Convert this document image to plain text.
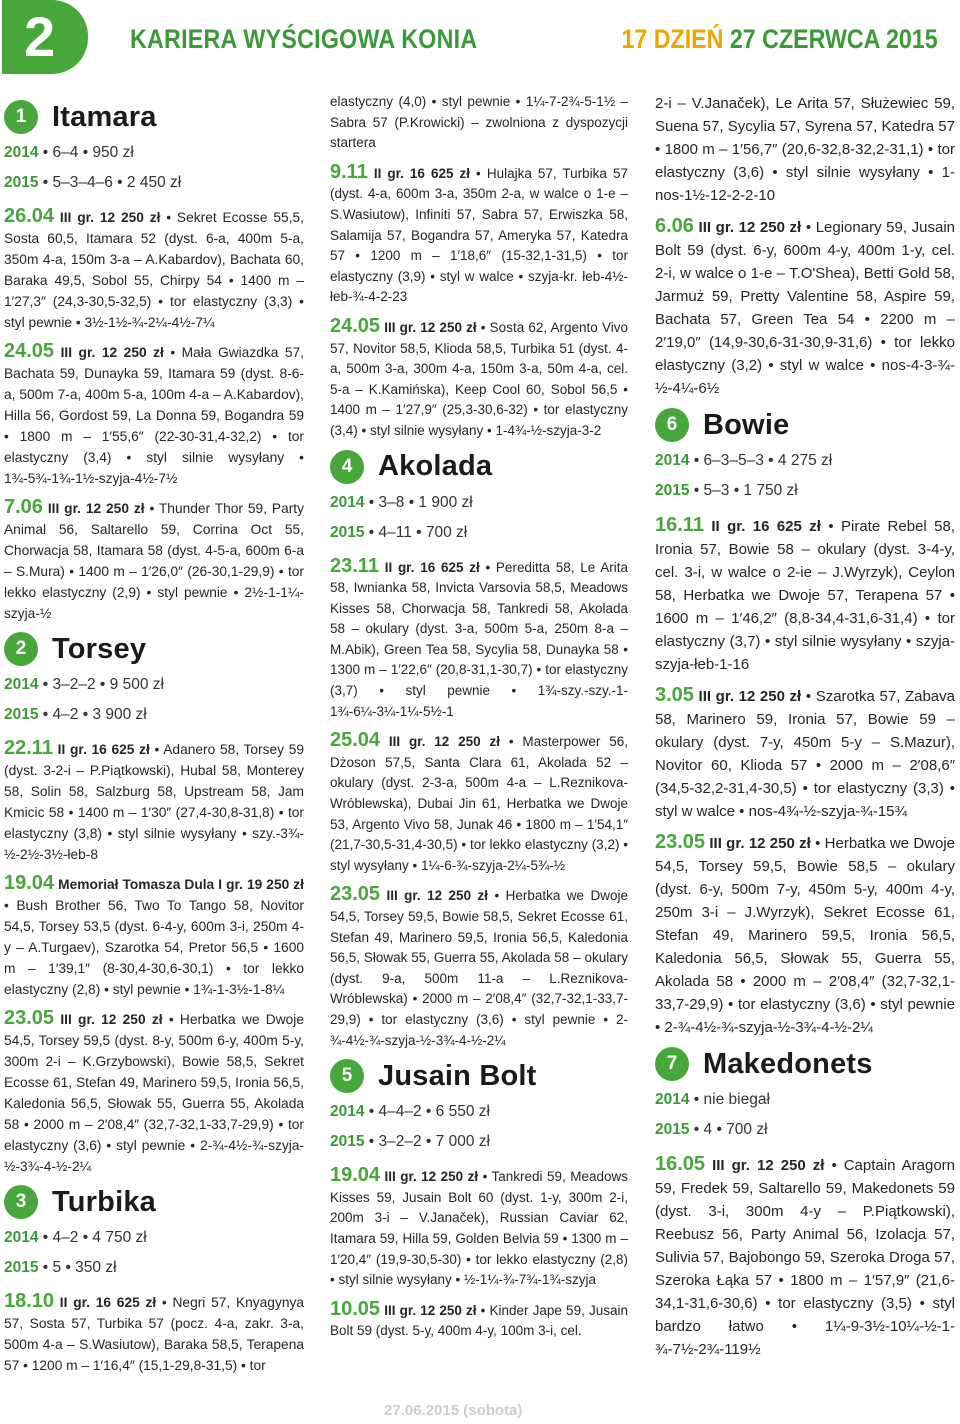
2	KARIERA WYŚCIGOWA KONIA	17 DZIEŃ 27 CZERWCA 2015
1 Itamara
2014 • 6–4 • 950 zł
2015 • 5–3–4–6 • 2 450 zł
26.04 III gr. 12 250 zł • Sekret Ecosse 55,5, Sosta 60,5, Itamara 52 (dyst. 6-a, 400m 5-a, 350m 4-a, 150m 3-a – A.Kabardov), Bachata 60, Baraka 49,5, Sobol 55, Chirpy 54 • 1400 m – 1′27,3″ (24,3-30,5-32,5) • tor elastyczny (3,3) • styl pewnie • 3½-1½-¾-2¼-4½-7¼
24.05 III gr. 12 250 zł • Mała Gwiazdka 57, Bachata 59, Dunayka 59, Itamara 59 (dyst. 8-6-a, 500m 7-a, 400m 5-a, 100m 4-a – A.Kabardov), Hilla 56, Gordost 59, La Donna 59, Bogandra 59 • 1800 m – 1′55,6″ (22-30-31,4-32,2) • tor elastyczny (3,4) • styl silnie wysyłany • 1¾-5¾-1¾-1½-szyja-4½-7½
7.06 III gr. 12 250 zł • Thunder Thor 59, Party Animal 56, Saltarello 59, Corrina Oct 55, Chorwacja 58, Itamara 58 (dyst. 4-5-a, 600m 6-a – S.Mura) • 1400 m – 1′26,0″ (26-30,1-29,9) • tor lekko elastyczny (2,9) • styl pewnie • 2½-1-1¼-szyja-½
2 Torsey
2014 • 3–2–2 • 9 500 zł
2015 • 4–2 • 3 900 zł
22.11 II gr. 16 625 zł • Adanero 58, Torsey 59 (dyst. 3-2-i – P.Piątkowski), Hubal 58, Monterey 58, Solin 58, Salzburg 58, Upstream 58, Jam Kmicic 58 • 1400 m – 1′30″ (27,4-30,8-31,8) • tor elastyczny (3,8) • styl silnie wysyłany • szy.-3¾-½-2½-3½-łeb-8
19.04 Memoriał Tomasza Dula I gr. 19 250 zł • Bush Brother 56, Two To Tango 58, Novitor 54,5, Torsey 53,5 (dyst. 6-4-y, 600m 3-i, 250m 4-y – A.Turgaev), Szarotka 54, Pretor 56,5 • 1600 m – 1′39,1″ (8-30,4-30,6-30,1) • tor lekko elastyczny (2,8) • styl pewnie • 1¾-1-3½-1-8¼
23.05 III gr. 12 250 zł • Herbatka we Dwoje 54,5, Torsey 59,5 (dyst. 8-y, 500m 6-y, 400m 5-y, 300m 2-i – K.Grzybowski), Bowie 58,5, Sekret Ecosse 61, Stefan 49, Marinero 59,5, Ironia 56,5, Kaledonia 56,5, Słowak 55, Guerra 55, Akolada 58 • 2000 m – 2′08,4″ (32,7-32,1-33,7-29,9) • tor elastyczny (3,6) • styl pewnie • 2-¾-4½-¾-szyja-½-3¾-4-½-2¼
3 Turbika
2014 • 4–2 • 4 750 zł
2015 • 5 • 350 zł
18.10 II gr. 16 625 zł • Negri 57, Knyagynya 57, Sosta 57, Turbika 57 (pocz. 4-a, zakr. 3-a, 500m 4-a – S.Wasiutow), Baraka 58,5, Terapena 57 • 1200 m – 1′16,4″ (15,1-29,8-31,5) • tor
elastyczny (4,0) • styl pewnie • 1¼-7-2¾-5-1½ – Sabra 57 (P.Krowicki) – zwolniona z dyspozycji startera
9.11 II gr. 16 625 zł • Hulajka 57, Turbika 57 (dyst. 4-a, 600m 3-a, 350m 2-a, w walce o 1-e – S.Wasiutow), Infiniti 57, Sabra 57, Erwiszka 58, Salamija 57, Bogandra 57, Ameryka 57, Katedra 57 • 1200 m – 1′18,6″ (15-32,1-31,5) • tor elastyczny (3,9) • styl w walce • szyja-kr. łeb-4½-łeb-¾-4-2-23
24.05 III gr. 12 250 zł • Sosta 62, Argento Vivo 57, Novitor 58,5, Klioda 58,5, Turbika 51 (dyst. 4-a, 500m 3-a, 300m 4-a, 150m 3-a, 50m 4-a, cel. 5-a – K.Kamińska), Keep Cool 60, Sobol 56,5 • 1400 m – 1′27,9″ (25,3-30,6-32) • tor elastyczny (3,4) • styl silnie wysyłany • 1-4¾-½-szyja-3-2
4 Akolada
2014 • 3–8 • 1 900 zł
2015 • 4–11 • 700 zł
23.11 II gr. 16 625 zł • Pereditta 58, Le Arita 58, Iwnianka 58, Invicta Varsovia 58,5, Meadows Kisses 58, Chorwacja 58, Tankredi 58, Akolada 58 – okulary (dyst. 3-a, 500m 5-a, 250m 8-a – M.Abik), Green Tea 58, Sycylia 58, Dunayka 58 • 1300 m – 1′22,6″ (20,8-31,1-30,7) • tor elastyczny (3,7) • styl pewnie • 1¾-szy.-szy.-1-1¾-6¼-3¼-1¼-5½-1
25.04 III gr. 12 250 zł • Masterpower 56, Dżoson 57,5, Santa Clara 61, Akolada 52 – okulary (dyst. 2-3-a, 500m 4-a – L.Reznikova-Wróblewska), Dubai Jin 61, Herbatka we Dwoje 53, Argento Vivo 58, Junak 46 • 1800 m – 1′54,1″ (21,7-30,5-31,4-30,5) • tor lekko elastyczny (3,2) • styl wysyłany • 1¼-6-¾-szyja-2¼-5¾-½
23.05 III gr. 12 250 zł • Herbatka we Dwoje 54,5, Torsey 59,5, Bowie 58,5, Sekret Ecosse 61, Stefan 49, Marinero 59,5, Ironia 56,5, Kaledonia 56,5, Słowak 55, Guerra 55, Akolada 58 – okulary (dyst. 9-a, 500m 11-a – L.Reznikova-Wróblewska) • 2000 m – 2′08,4″ (32,7-32,1-33,7-29,9) • tor elastyczny (3,6) • styl pewnie • 2-¾-4½-¾-szyja-½-3¾-4-½-2¼
5 Jusain Bolt
2014 • 4–4–2 • 6 550 zł
2015 • 3–2–2 • 7 000 zł
19.04 III gr. 12 250 zł • Tankredi 59, Meadows Kisses 59, Jusain Bolt 60 (dyst. 1-y, 300m 2-i, 200m 3-i – V.Janaček), Russian Caviar 62, Itamara 59, Hilla 59, Golden Belvia 59 • 1300 m – 1′20,4″ (19,9-30,5-30) • tor lekko elastyczny (2,8) • styl silnie wysyłany • ½-1¼-¾-7¾-1¾-szyja
10.05 III gr. 12 250 zł • Kinder Jape 59, Jusain Bolt 59 (dyst. 5-y, 400m 4-y, 100m 3-i, cel.
2-i – V.Janaček), Le Arita 57, Służewiec 59, Suena 57, Sycylia 57, Syrena 57, Katedra 57 • 1800 m – 1′56,7″ (20,6-32,8-32,2-31,1) • tor elastyczny (3,6) • styl silnie wysyłany • 1-nos-1½-12-2-2-10
6.06 III gr. 12 250 zł • Legionary 59, Jusain Bolt 59 (dyst. 6-y, 600m 4-y, 400m 1-y, cel. 2-i, w walce o 1-e – T.O'Shea), Betti Gold 58, Jarmuż 59, Pretty Valentine 58, Aspire 59, Bachata 57, Green Tea 54 • 2200 m – 2′19,0″ (14,9-30,6-31-30,9-31,6) • tor lekko elastyczny (3,2) • styl w walce • nos-4-3-¾-½-4¼-6½
6 Bowie
2014 • 6–3–5–3 • 4 275 zł
2015 • 5–3 • 1 750 zł
16.11 II gr. 16 625 zł • Pirate Rebel 58, Ironia 57, Bowie 58 – okulary (dyst. 3-4-y, cel. 3-i, w walce o 2-ie – J.Wyrzyk), Ceylon 58, Herbatka we Dwoje 57, Terapena 57 • 1600 m – 1′46,2″ (8,8-34,4-31,6-31,4) • tor elastyczny (3,7) • styl silnie wysyłany • szyja-szyja-łeb-1-16
3.05 III gr. 12 250 zł • Szarotka 57, Zabava 58, Marinero 59, Ironia 57, Bowie 59 – okulary (dyst. 7-y, 450m 5-y – S.Mazur), Novitor 60, Klioda 57 • 2000 m – 2′08,6″ (34,5-32,2-31,4-30,5) • tor elastyczny (3,3) • styl w walce • nos-4¾-½-szyja-¾-15¾
23.05 III gr. 12 250 zł • Herbatka we Dwoje 54,5, Torsey 59,5, Bowie 58,5 – okulary (dyst. 6-y, 500m 7-y, 450m 5-y, 400m 4-y, 250m 3-i – J.Wyrzyk), Sekret Ecosse 61, Stefan 49, Marinero 59,5, Ironia 56,5, Kaledonia 56,5, Słowak 55, Guerra 55, Akolada 58 • 2000 m – 2′08,4″ (32,7-32,1-33,7-29,9) • tor elastyczny (3,6) • styl pewnie • 2-¾-4½-¾-szyja-½-3¾-4-½-2¼
7 Makedonets
2014 • nie biegał
2015 • 4 • 700 zł
16.05 III gr. 12 250 zł • Captain Aragorn 59, Fredek 59, Saltarello 59, Makedonets 59 (dyst. 3-i, 300m 4-y – P.Piątkowski), Reebusz 56, Party Animal 56, Izolacja 57, Sulivia 57, Bajobongo 59, Szeroka Droga 57, Szeroka Łąka 57 • 1800 m – 1′57,9″ (21,6-34,1-31,6-30,6) • tor elastyczny (3,5) • styl bardzo łatwo • 1¼-9-3½-10¼-½-1-¾-7½-2¾-119½
27.06.2015 (sobota)
